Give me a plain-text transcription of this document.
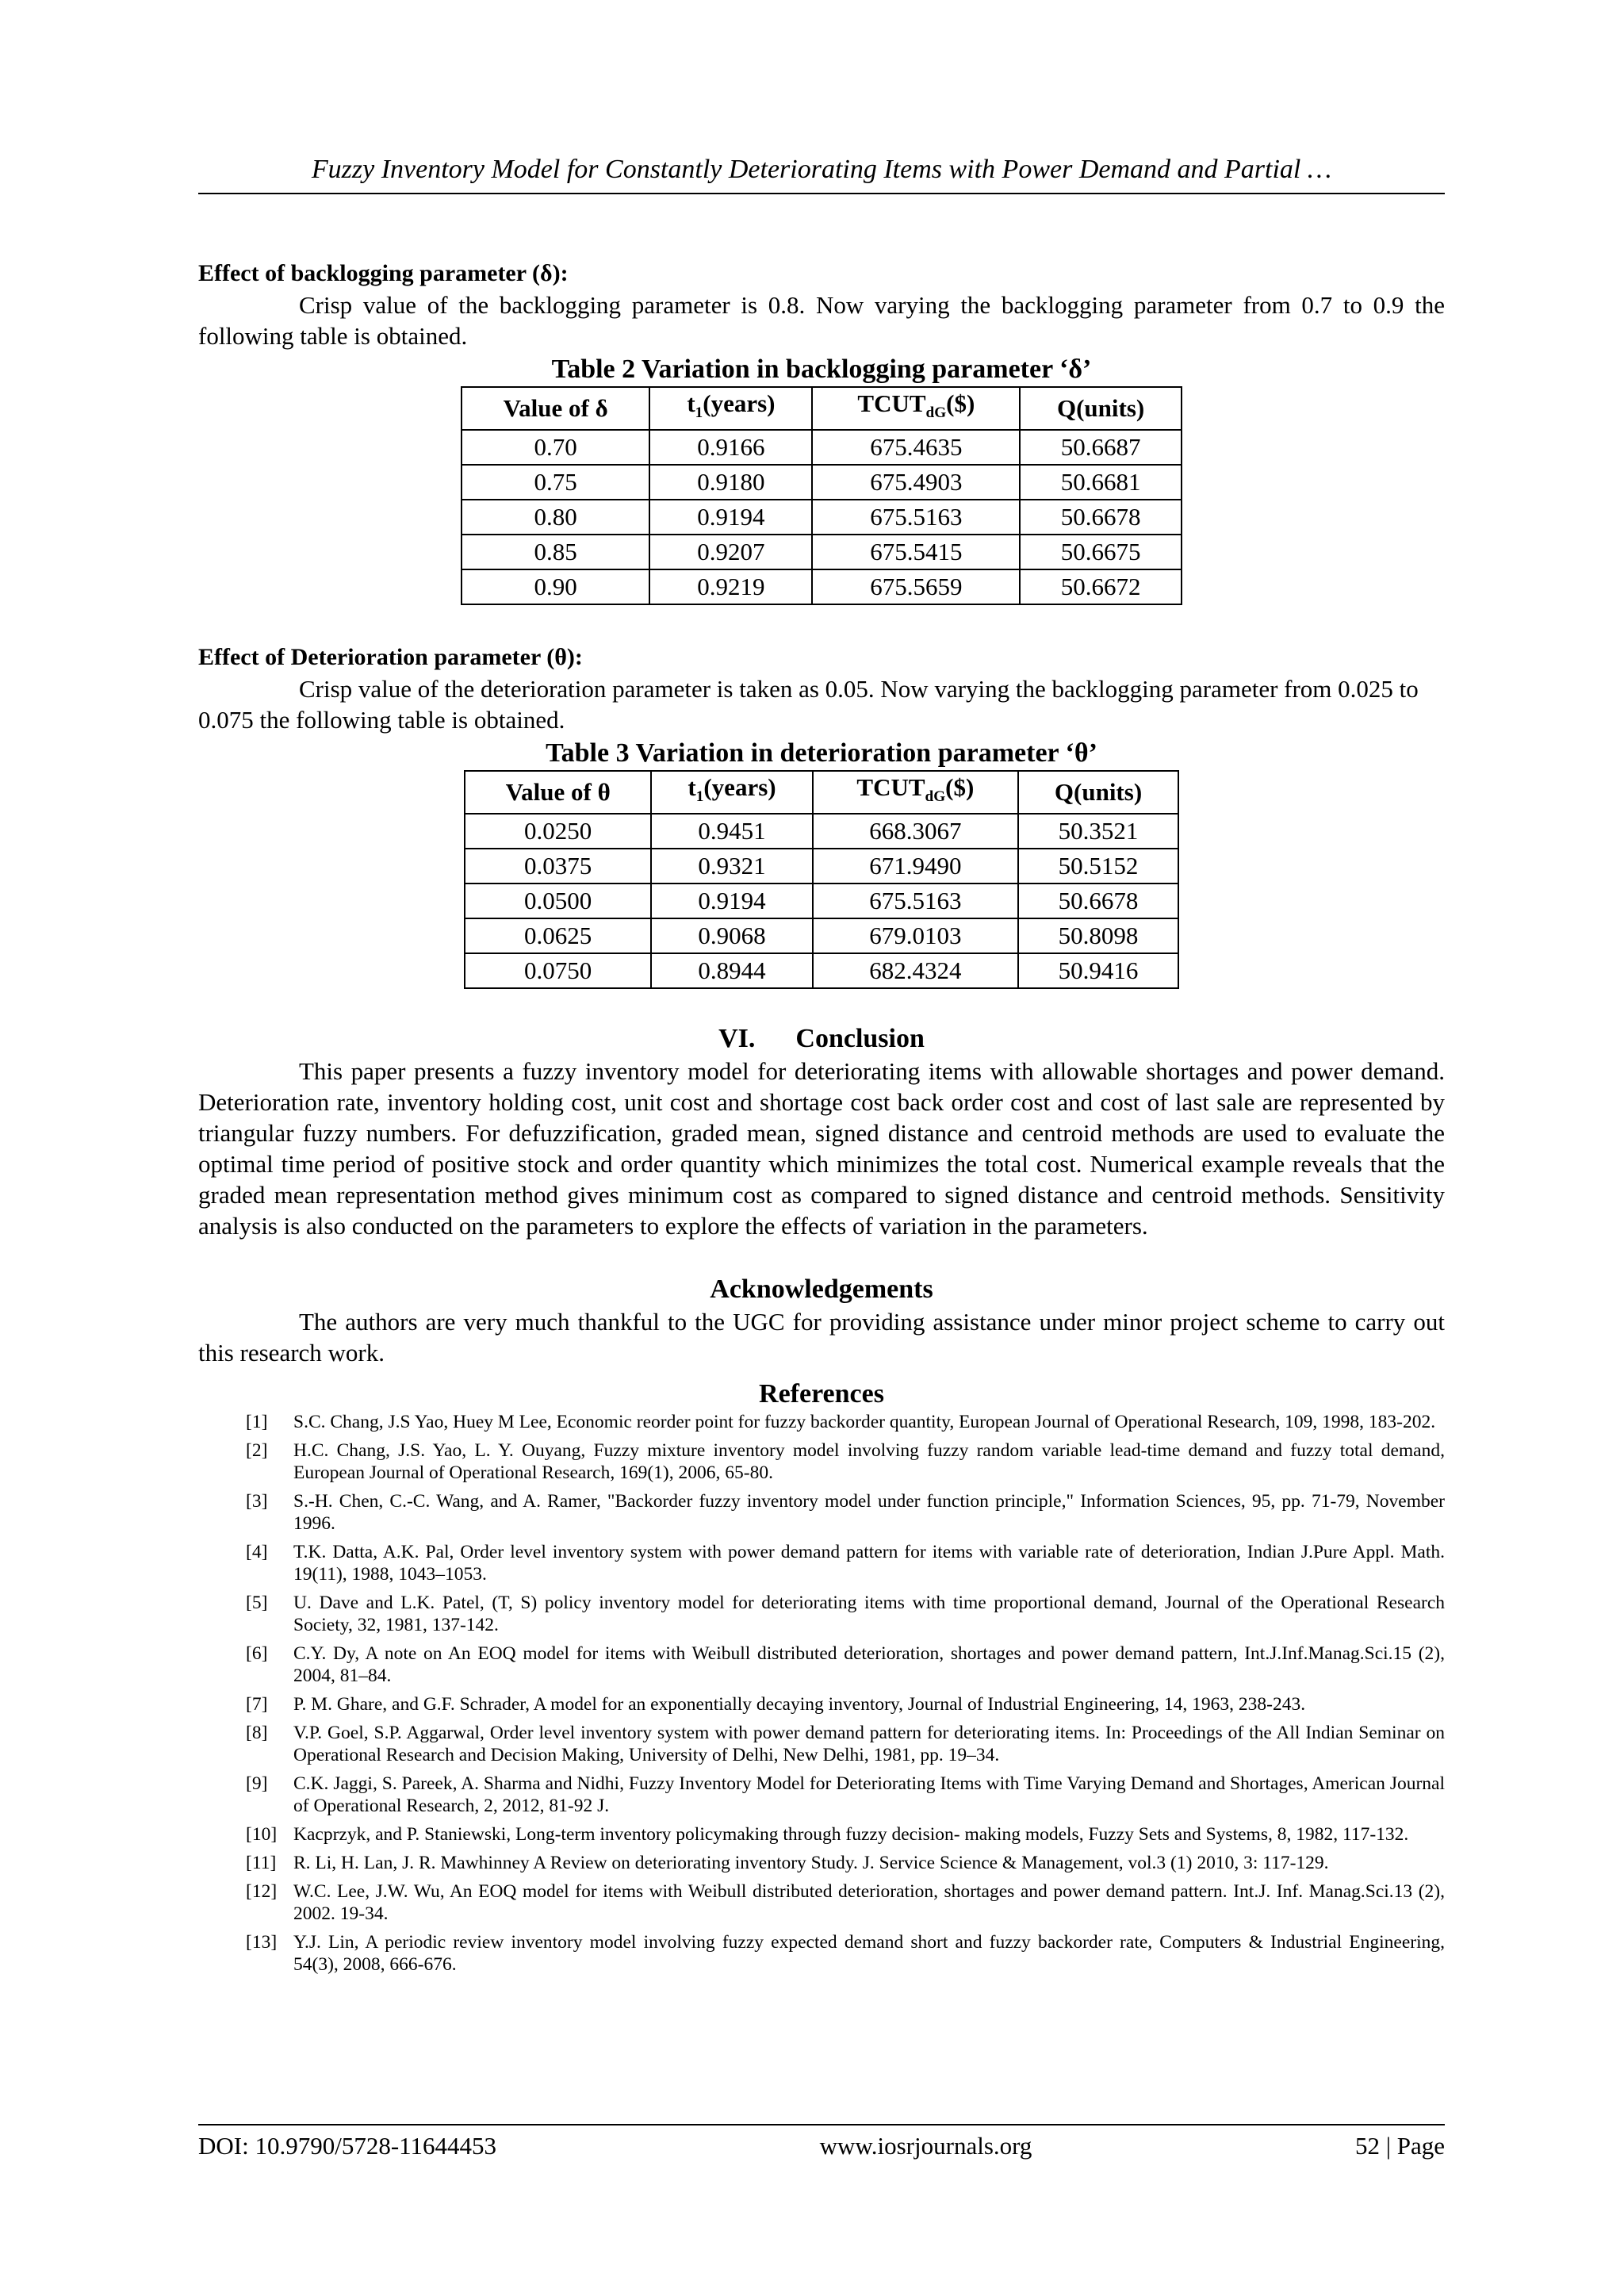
Fuzzy Inventory Model for Constantly Deteriorating Items with Power Demand and Partial …
Effect of backlogging parameter (δ):
Crisp value of the backlogging parameter is 0.8. Now varying the backlogging parameter from 0.7 to 0.9 the following table is obtained.
Table 2 Variation in backlogging parameter ‘δ’
Value of δ	$t_1(years)$	$TCUT_{dG}(\$)$	Q(units)
0.70	0.9166	675.4635	50.6687
0.75	0.9180	675.4903	50.6681
0.80	0.9194	675.5163	50.6678
0.85	0.9207	675.5415	50.6675
0.90	0.9219	675.5659	50.6672
Effect of Deterioration parameter (θ):
Crisp value of the deterioration parameter is taken as 0.05. Now varying the backlogging parameter from 0.025 to 0.075 the following table is obtained.
Table 3 Variation in deterioration parameter ‘θ’
Value of θ	$t_1(years)$	$TCUT_{dG}(\$)$	Q(units)
0.0250	0.9451	668.3067	50.3521
0.0375	0.9321	671.9490	50.5152
0.0500	0.9194	675.5163	50.6678
0.0625	0.9068	679.0103	50.8098
0.0750	0.8944	682.4324	50.9416
VI.      Conclusion
This paper presents a fuzzy inventory model for deteriorating items with allowable shortages and power demand. Deterioration rate, inventory holding cost, unit cost and shortage cost back order cost and cost of last sale are represented by triangular fuzzy numbers. For defuzzification, graded mean, signed distance and centroid methods are used to evaluate the optimal time period of positive stock and order quantity which minimizes the total cost. Numerical example reveals that the graded mean representation method gives minimum cost as compared to signed distance and centroid methods. Sensitivity analysis is also conducted on the parameters to explore the effects of variation in the parameters.
Acknowledgements
The authors are very much thankful to the UGC for providing assistance under minor project scheme to carry out this research work.
References
[1]	S.C. Chang, J.S Yao, Huey M Lee, Economic reorder point for fuzzy backorder quantity, European Journal of Operational Research, 109, 1998, 183-202.
[2]	H.C. Chang, J.S. Yao, L. Y. Ouyang, Fuzzy mixture inventory model involving fuzzy random variable lead-time demand and fuzzy total demand, European Journal of Operational Research, 169(1), 2006, 65-80.
[3]	S.-H. Chen, C.-C. Wang, and A. Ramer, "Backorder fuzzy inventory model under function principle," Information Sciences, 95, pp. 71-79, November 1996.
[4]	T.K. Datta, A.K. Pal, Order level inventory system with power demand pattern for items with variable rate of deterioration, Indian J.Pure Appl. Math. 19(11), 1988, 1043–1053.
[5]	U. Dave and L.K. Patel, (T, S) policy inventory model for deteriorating items with time proportional demand, Journal of the Operational Research Society, 32, 1981, 137-142.
[6]	C.Y. Dy, A note on An EOQ model for items with Weibull distributed deterioration, shortages and power demand pattern, Int.J.Inf.Manag.Sci.15 (2), 2004, 81–84.
[7]	P. M. Ghare, and G.F. Schrader, A model for an exponentially decaying inventory, Journal of Industrial Engineering, 14, 1963, 238-243.
[8]	V.P. Goel, S.P. Aggarwal, Order level inventory system with power demand pattern for deteriorating items. In: Proceedings of the All Indian Seminar on Operational Research and Decision Making, University of Delhi, New Delhi, 1981, pp. 19–34.
[9]	C.K. Jaggi, S. Pareek, A. Sharma and Nidhi, Fuzzy Inventory Model for Deteriorating Items with Time Varying Demand and Shortages, American Journal of Operational Research, 2, 2012, 81-92 J.
[10] Kacprzyk, and P. Staniewski, Long-term inventory policymaking through fuzzy decision- making models, Fuzzy Sets and Systems, 8, 1982, 117-132.
[11] R. Li, H. Lan, J. R. Mawhinney A Review on deteriorating inventory Study. J. Service Science & Management, vol.3 (1) 2010, 3: 117-129.
[12] W.C. Lee, J.W. Wu, An EOQ model for items with Weibull distributed deterioration, shortages and power demand pattern. Int.J. Inf. Manag.Sci.13 (2), 2002. 19-34.
[13] Y.J. Lin, A periodic review inventory model involving fuzzy expected demand short and fuzzy backorder rate, Computers & Industrial Engineering, 54(3), 2008, 666-676.
DOI: 10.9790/5728-11644453	www.iosrjournals.org	52 | Page
